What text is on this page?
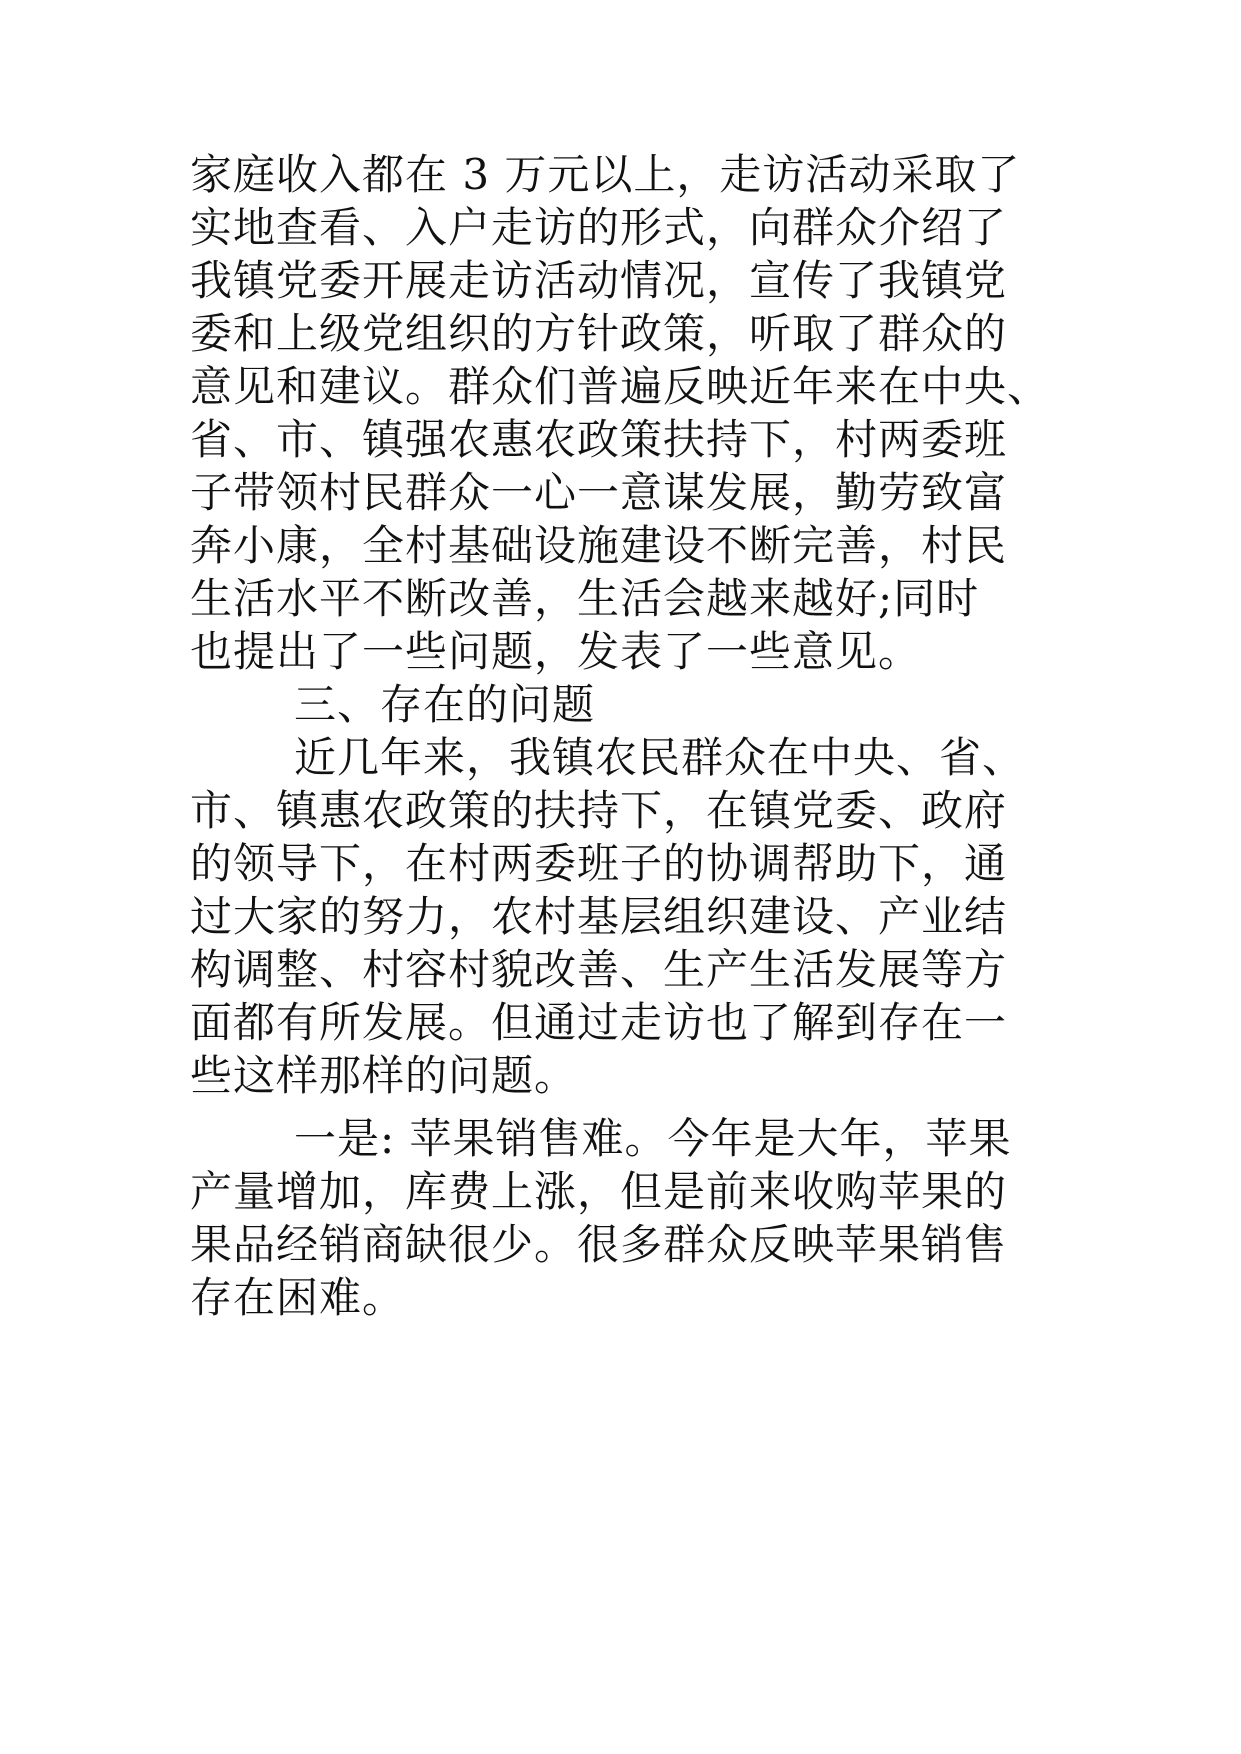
家庭收入都在 3 万元以上，走访活动采取了
实地查看、入户走访的形式，向群众介绍了
我镇党委开展走访活动情况，宣传了我镇党
委和上级党组织的方针政策，听取了群众的
意见和建议。群众们普遍反映近年来在中央、
省、市、镇强农惠农政策扶持下，村两委班
子带领村民群众一心一意谋发展，勤劳致富
奔小康，全村基础设施建设不断完善，村民
生活水平不断改善，生活会越来越好;同时
也提出了一些问题，发表了一些意见。
三、存在的问题
近几年来，我镇农民群众在中央、省、
市、镇惠农政策的扶持下，在镇党委、政府
的领导下，在村两委班子的协调帮助下，通
过大家的努力，农村基层组织建设、产业结
构调整、村容村貌改善、生产生活发展等方
面都有所发展。但通过走访也了解到存在一
些这样那样的问题。
一是: 苹果销售难。今年是大年，苹果
产量增加，库费上涨，但是前来收购苹果的
果品经销商缺很少。很多群众反映苹果销售
存在困难。
